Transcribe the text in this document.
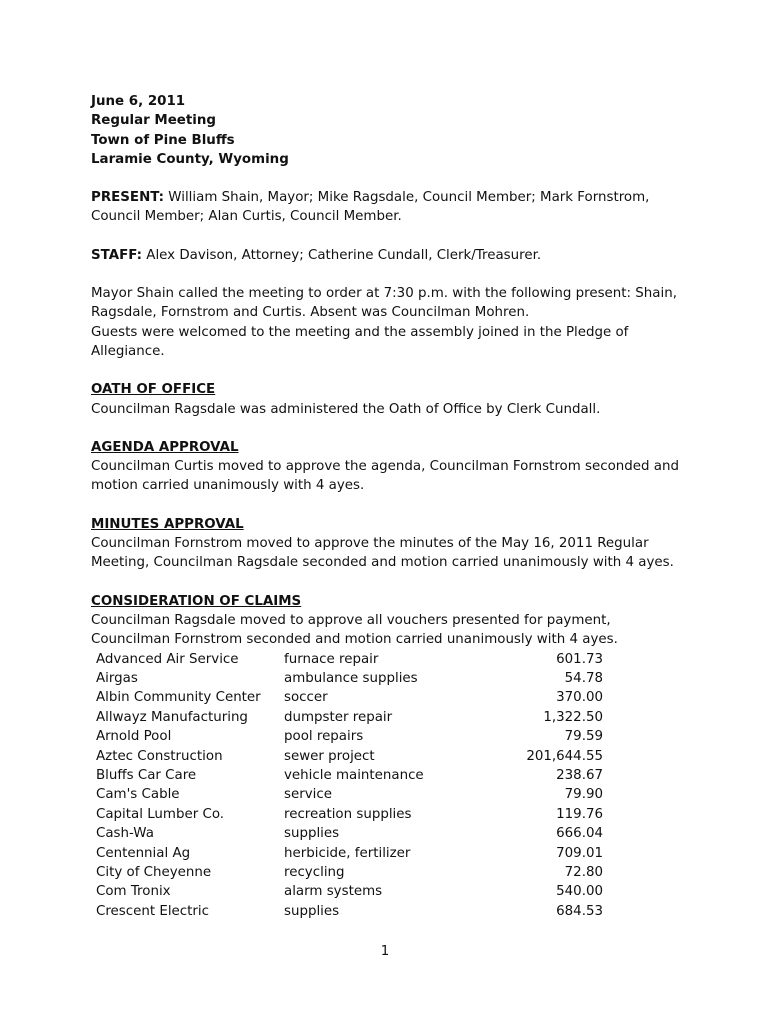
June 6, 2011
Regular Meeting
Town of Pine Bluffs
Laramie County, Wyoming
PRESENT: William Shain, Mayor; Mike Ragsdale, Council Member; Mark Fornstrom, Council Member; Alan Curtis, Council Member.
STAFF: Alex Davison, Attorney; Catherine Cundall, Clerk/Treasurer.
Mayor Shain called the meeting to order at 7:30 p.m. with the following present: Shain, Ragsdale, Fornstrom and Curtis. Absent was Councilman Mohren.
Guests were welcomed to the meeting and the assembly joined in the Pledge of Allegiance.
OATH OF OFFICE
Councilman Ragsdale was administered the Oath of Office by Clerk Cundall.
AGENDA APPROVAL
Councilman Curtis moved to approve the agenda, Councilman Fornstrom seconded and motion carried unanimously with 4 ayes.
MINUTES APPROVAL
Councilman Fornstrom moved to approve the minutes of the May 16, 2011 Regular Meeting, Councilman Ragsdale seconded and motion carried unanimously with 4 ayes.
CONSIDERATION OF CLAIMS
Councilman Ragsdale moved to approve all vouchers presented for payment, Councilman Fornstrom seconded and motion carried unanimously with 4 ayes.
Advanced Air Service	furnace repair	601.73
Airgas	ambulance supplies	54.78
Albin Community Center	soccer	370.00
Allwayz Manufacturing	dumpster repair	1,322.50
Arnold Pool	pool repairs	79.59
Aztec Construction	sewer project	201,644.55
Bluffs Car Care	vehicle maintenance	238.67
Cam's Cable	service	79.90
Capital Lumber Co.	recreation supplies	119.76
Cash-Wa	supplies	666.04
Centennial Ag	herbicide, fertilizer	709.01
City of Cheyenne	recycling	72.80
Com Tronix	alarm systems	540.00
Crescent Electric	supplies	684.53
1
